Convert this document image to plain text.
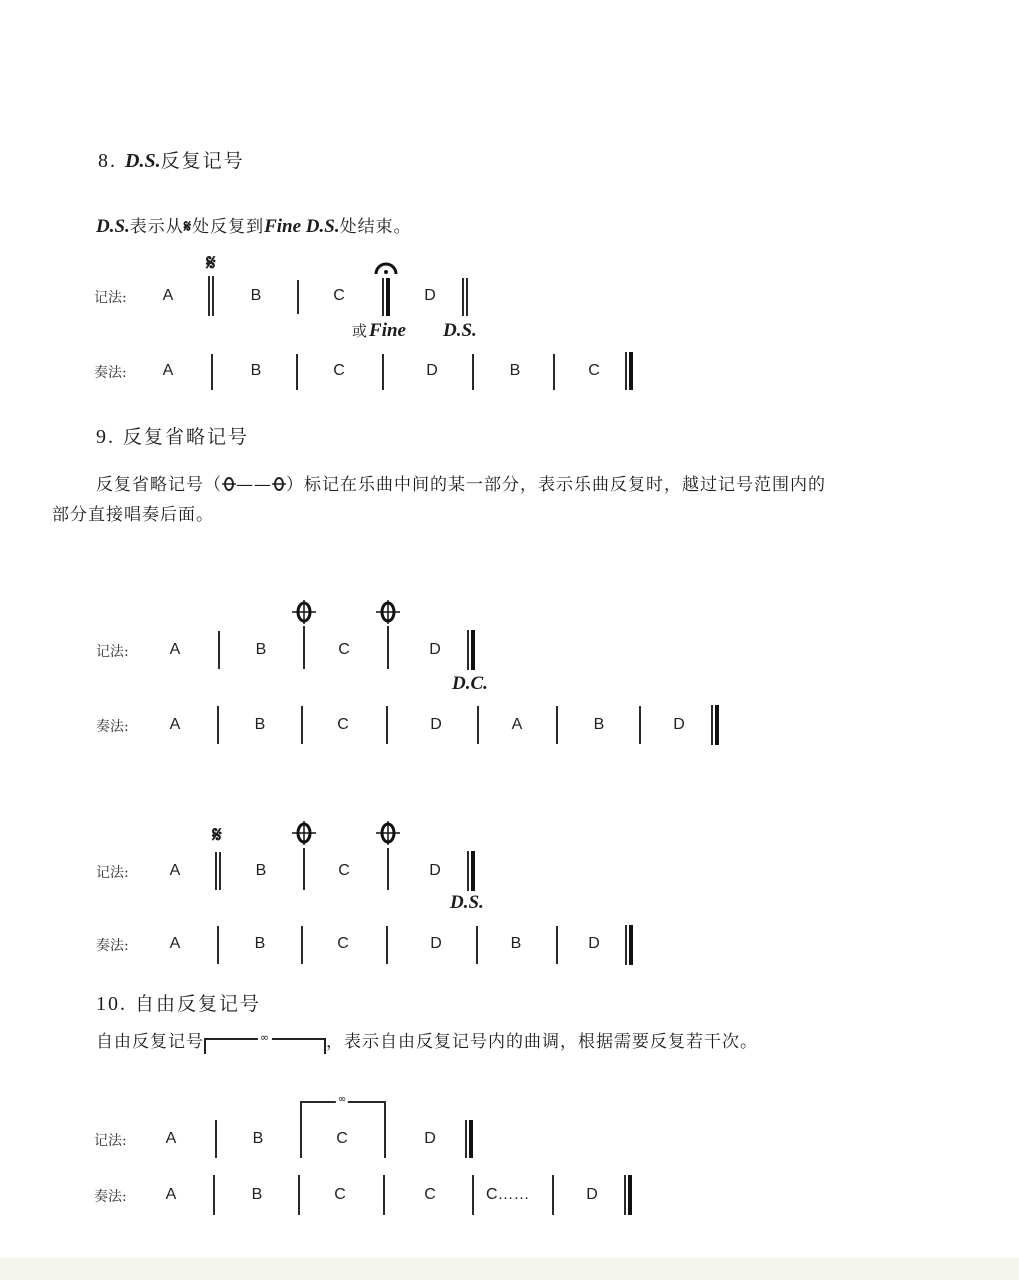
8. D.S.反复记号
D.S.表示从𝄋处反复到Fine D.S.处结束。
记法:
𝄋
A	B	C	D
或 Fine D.S.
奏法: A	B	C	D	B	C
9. 反复省略记号
反复省略记号（ —— ）标记在乐曲中间的某一部分，表示乐曲反复时，越过记号范围内的
部分直接唱奏后面。
记法:	A	B	C	D
D.C.
奏法:	A	B	C	D	A	B	D
𝄋
记法:	A	B	C	D
D.S.
奏法:	A	B	C	D	B	D
10. 自由反复记号
自由反复记号	∞	，表示自由反复记号内的曲调，根据需要反复若干次。
∞
记法: A	B	C	D
奏法: A	B	C	C	C……	D
